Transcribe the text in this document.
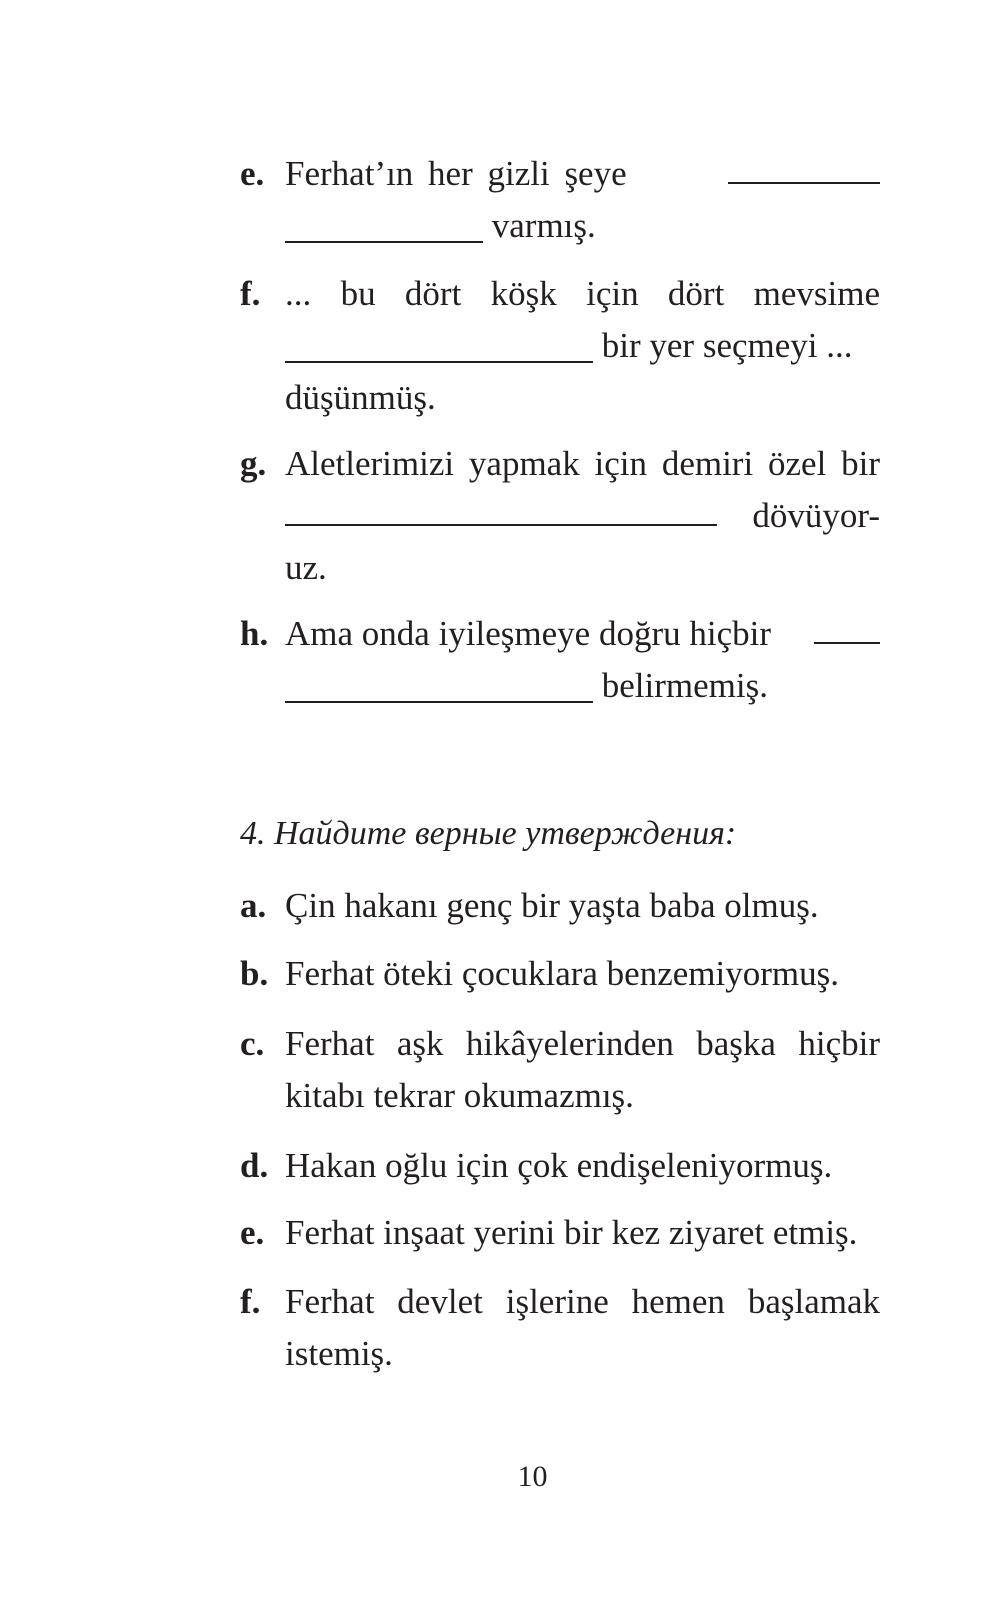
e. Ferhat’ın her gizli şeye
varmış.
f. ... bu dört köşk için dört mevsime
bir yer seçmeyi ...
düşünmüş.
g. Aletlerimizi yapmak için demiri özel bir
dövüyor-
uz.
h. Ama onda iyileşmeye doğru hiçbir
belirmemiş.
4. Найдите верные утверждения:
a. Çin hakanı genç bir yaşta baba olmuş.
b. Ferhat öteki çocuklara benzemiyormuş.
c. Ferhat aşk hikâyelerinden başka hiçbir
kitabı tekrar okumazmış.
d. Hakan oğlu için çok endişeleniyormuş.
e. Ferhat inşaat yerini bir kez ziyaret etmiş.
f. Ferhat devlet işlerine hemen başlamak
istemiş.
10
